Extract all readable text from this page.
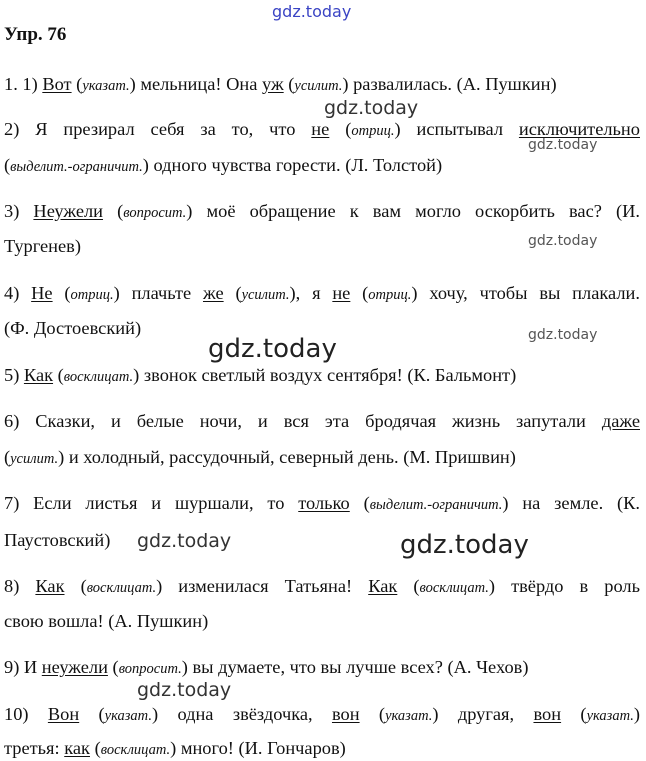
Упр. 76
1. 1) Вот (указат.) мельница! Она уж (усилит.) развалилась. (А. Пушкин)
2) Я презирал себя за то, что не (отриц.) испытывал исключительно
(выделит.-ограничит.) одного чувства горести. (Л. Толстой)
3) Неужели (вопросит.) моё обращение к вам могло оскорбить вас? (И.
Тургенев)
4) Не (отриц.) плачьте же (усилит.), я не (отриц.) хочу, чтобы вы плакали.
(Ф. Достоевский)
5) Как (восклицат.) звонок светлый воздух сентября! (К. Бальмонт)
6) Сказки, и белые ночи, и вся эта бродячая жизнь запутали даже
(усилит.) и холодный, рассудочный, северный день. (М. Пришвин)
7) Если листья и шуршали, то только (выделит.-ограничит.) на земле. (К.
Паустовский)
8) Как (восклицат.) изменилася Татьяна! Как (восклицат.) твёрдо в роль
свою вошла! (А. Пушкин)
9) И неужели (вопросит.) вы думаете, что вы лучше всех? (А. Чехов)
10) Вон (указат.) одна звёздочка, вон (указат.) другая, вон (указат.)
третья: как (восклицат.) много! (И. Гончаров)
gdz.today
gdz.today
gdz.today
gdz.today
gdz.today
gdz.today
gdz.today	gdz.today
gdz.today
